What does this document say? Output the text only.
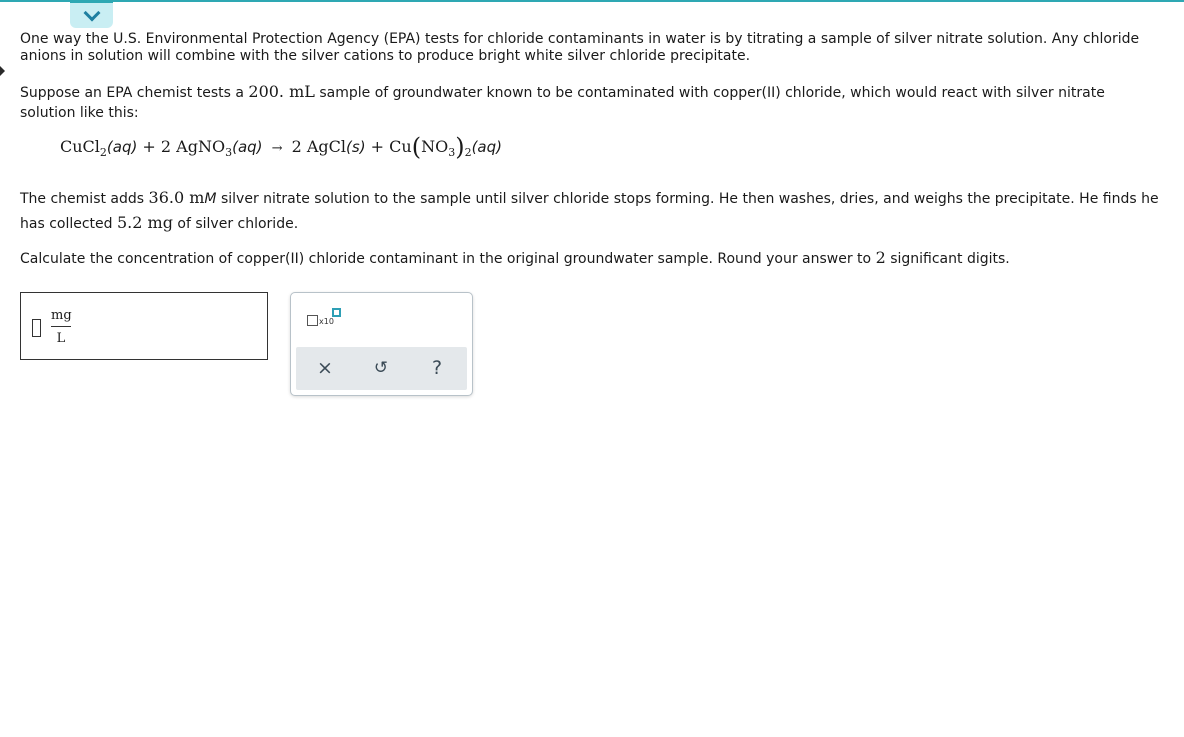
One way the U.S. Environmental Protection Agency (EPA) tests for chloride contaminants in water is by titrating a sample of silver nitrate solution. Any chloride anions in solution will combine with the silver cations to produce bright white silver chloride precipitate.

Suppose an EPA chemist tests a 200. mL sample of groundwater known to be contaminated with copper(II) chloride, which would react with silver nitrate solution like this:

CuCl$_2$(aq) + 2 AgNO$_3$(aq) → 2 AgCl(s) + $Cu(NO_3)_2(aq)$

The chemist adds 36.0 mM silver nitrate solution to the sample until silver chloride stops forming. He then washes, dries, and weighs the precipitate. He finds he has collected 5.2 mg of silver chloride.

Calculate the concentration of copper(II) chloride contaminant in the original groundwater sample. Round your answer to 2 significant digits.

$\frac{mg}{L}$	x10
× ↺ ?
